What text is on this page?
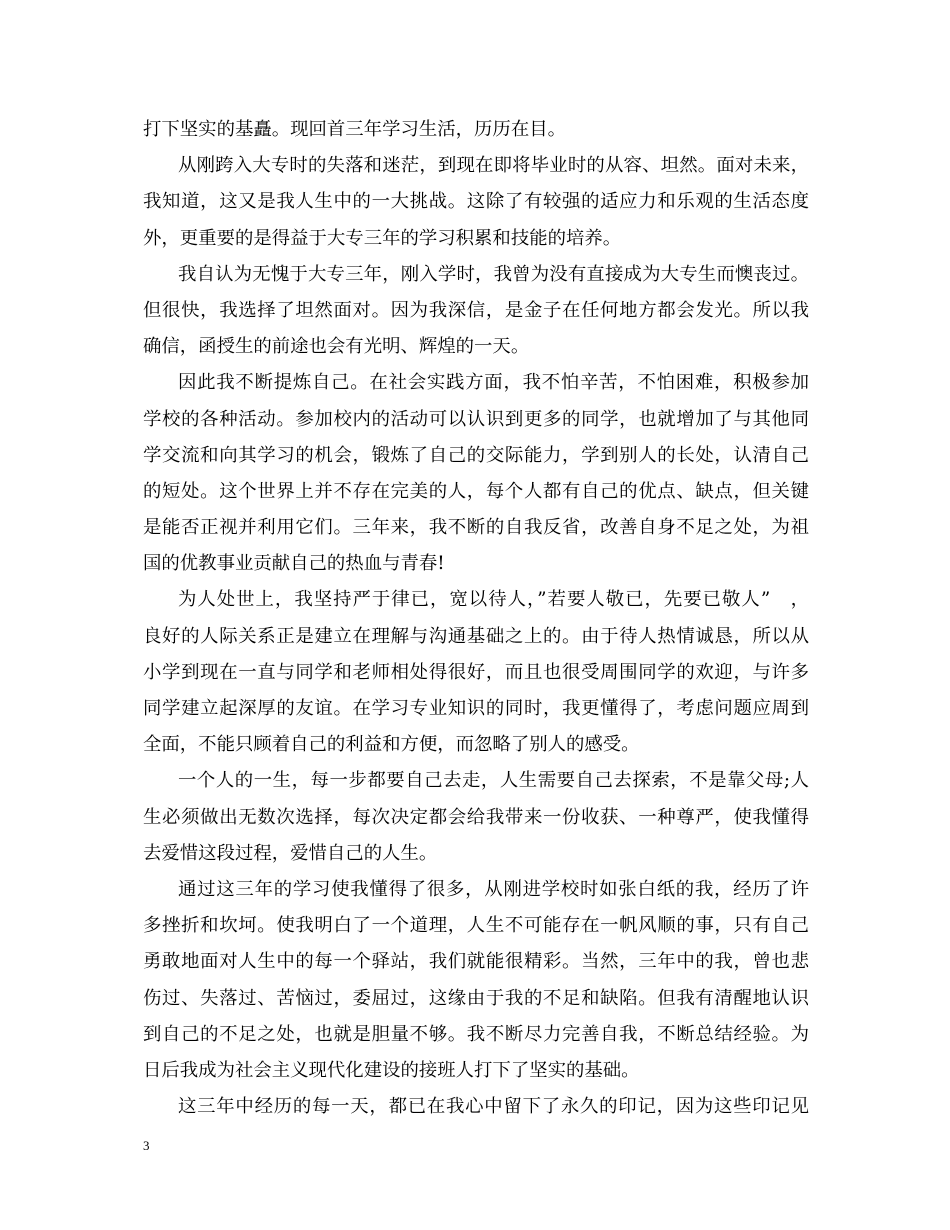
打下坚实的基矗。现回首三年学习生活，历历在目。
从刚跨入大专时的失落和迷茫，到现在即将毕业时的从容、坦然。面对未来，
我知道，这又是我人生中的一大挑战。这除了有较强的适应力和乐观的生活态度
外，更重要的是得益于大专三年的学习积累和技能的培养。
我自认为无愧于大专三年，刚入学时，我曾为没有直接成为大专生而懊丧过。
但很快，我选择了坦然面对。因为我深信，是金子在任何地方都会发光。所以我
确信，函授生的前途也会有光明、辉煌的一天。
因此我不断提炼自己。在社会实践方面，我不怕辛苦，不怕困难，积极参加
学校的各种活动。参加校内的活动可以认识到更多的同学，也就增加了与其他同
学交流和向其学习的机会，锻炼了自己的交际能力，学到别人的长处，认清自己
的短处。这个世界上并不存在完美的人，每个人都有自己的优点、缺点，但关键
是能否正视并利用它们。三年来，我不断的自我反省，改善自身不足之处，为祖
国的优教事业贡献自己的热血与青春!
为人处世上，我坚持严于律已，宽以待人，”若要人敬已，先要已敬人”　，
良好的人际关系正是建立在理解与沟通基础之上的。由于待人热情诚恳，所以从
小学到现在一直与同学和老师相处得很好，而且也很受周围同学的欢迎，与许多
同学建立起深厚的友谊。在学习专业知识的同时，我更懂得了，考虑问题应周到
全面，不能只顾着自己的利益和方便，而忽略了别人的感受。
一个人的一生，每一步都要自己去走，人生需要自己去探索，不是靠父母;人
生必须做出无数次选择，每次决定都会给我带来一份收获、一种尊严，使我懂得
去爱惜这段过程，爱惜自己的人生。
通过这三年的学习使我懂得了很多，从刚进学校时如张白纸的我，经历了许
多挫折和坎坷。使我明白了一个道理，人生不可能存在一帆风顺的事，只有自己
勇敢地面对人生中的每一个驿站，我们就能很精彩。当然，三年中的我，曾也悲
伤过、失落过、苦恼过，委屈过，这缘由于我的不足和缺陷。但我有清醒地认识
到自己的不足之处，也就是胆量不够。我不断尽力完善自我，不断总结经验。为
日后我成为社会主义现代化建设的接班人打下了坚实的基础。
这三年中经历的每一天，都已在我心中留下了永久的印记，因为这些印记见
3
